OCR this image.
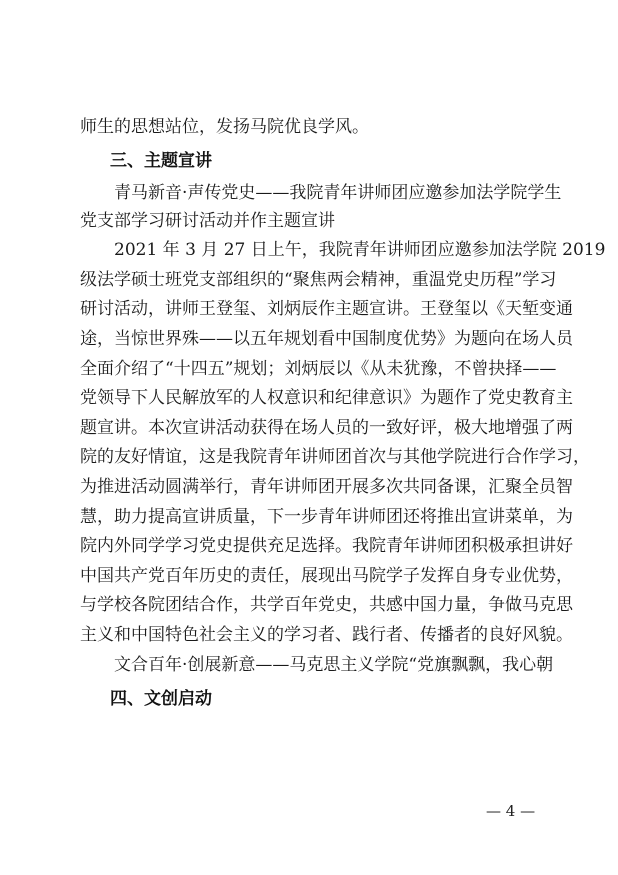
师生的思想站位，发扬马院优良学风。
三、主题宣讲
　　青马新音·声传党史——我院青年讲师团应邀参加法学院学生
党支部学习研讨活动并作主题宣讲
　　2021 年 3 月 27 日上午，我院青年讲师团应邀参加法学院 2019
级法学硕士班党支部组织的“聚焦两会精神，重温党史历程”学习
研讨活动，讲师王登玺、刘炳辰作主题宣讲。王登玺以《天堑变通
途，当惊世界殊——以五年规划看中国制度优势》为题向在场人员
全面介绍了“十四五”规划；刘炳辰以《从未犹豫，不曾抉择——
党领导下人民解放军的人权意识和纪律意识》为题作了党史教育主
题宣讲。本次宣讲活动获得在场人员的一致好评，极大地增强了两
院的友好情谊，这是我院青年讲师团首次与其他学院进行合作学习，
为推进活动圆满举行，青年讲师团开展多次共同备课，汇聚全员智
慧，助力提高宣讲质量，下一步青年讲师团还将推出宣讲菜单，为
院内外同学学习党史提供充足选择。我院青年讲师团积极承担讲好
中国共产党百年历史的责任，展现出马院学子发挥自身专业优势，
与学校各院团结合作，共学百年党史，共感中国力量，争做马克思
主义和中国特色社会主义的学习者、践行者、传播者的良好风貌。
　　文合百年·创展新意——马克思主义学院“党旗飘飘，我心朝
四、文创启动
— 4 —
